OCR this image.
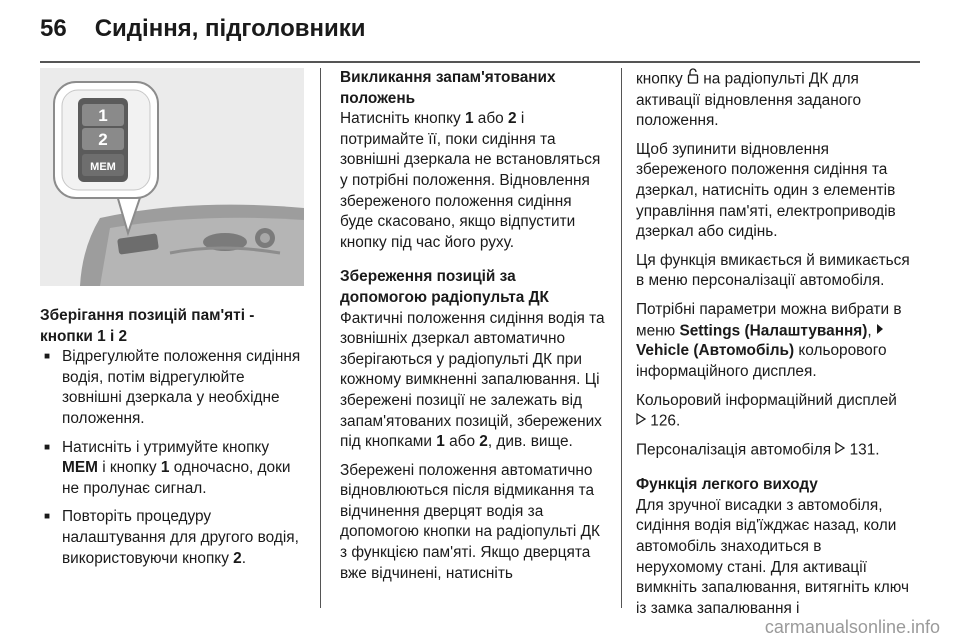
56 Сидіння, підголовники
1
2
MEM
Зберігання позицій пам'яті - кнопки 1 і 2
■ Відрегулюйте положення сидіння водія, потім відрегулюйте зовнішні дзеркала у необхідне положення.
■ Натисніть і утримуйте кнопку MEM і кнопку 1 одночасно, доки не пролунає сигнал.
■ Повторіть процедуру налаштування для другого водія, використовуючи кнопку 2.
Викликання запам'ятованих положень

Натисніть кнопку 1 або 2 і потримайте її, поки сидіння та зовнішні дзеркала не встановляться у потрібні положення. Відновлення збереженого положення сидіння буде скасовано, якщо відпустити кнопку під час його руху.

Збереження позицій за допомогою радіопульта ДК

Фактичні положення сидіння водія та зовнішніх дзеркал автоматично зберігаються у радіопульті ДК при кожному вимкненні запалювання. Ці збережені позиції не залежать від запам'ятованих позицій, збережених під кнопками 1 або 2, див. вище.

Збережені положення автоматично відновлюються після відмикання та відчинення дверцят водія за допомогою кнопки на радіопульті ДК з функцією пам'яті. Якщо дверцята вже відчинені, натисніть

кнопку  на радіопульті ДК для активації відновлення заданого положення.

Щоб зупинити відновлення збереженого положення сидіння та дзеркал, натисніть один з елементів управління пам'яті, електроприводів дзеркал або сидінь.

Ця функція вмикається й вимикається в меню персоналізації автомобіля.

Потрібні параметри можна вибрати в меню Settings (Налаштування),
Vehicle (Автомобіль) кольорового інформаційного дисплея.

Кольоровий інформаційний дисплей  126.

Персоналізація автомобіля  131.

Функція легкого виходу

Для зручної висадки з автомобіля, сидіння водія від'їжджає назад, коли автомобіль знаходиться в нерухомому стані. Для активації вимкніть запалювання, витягніть ключ із замка запалювання і

carmanualsonline.info
